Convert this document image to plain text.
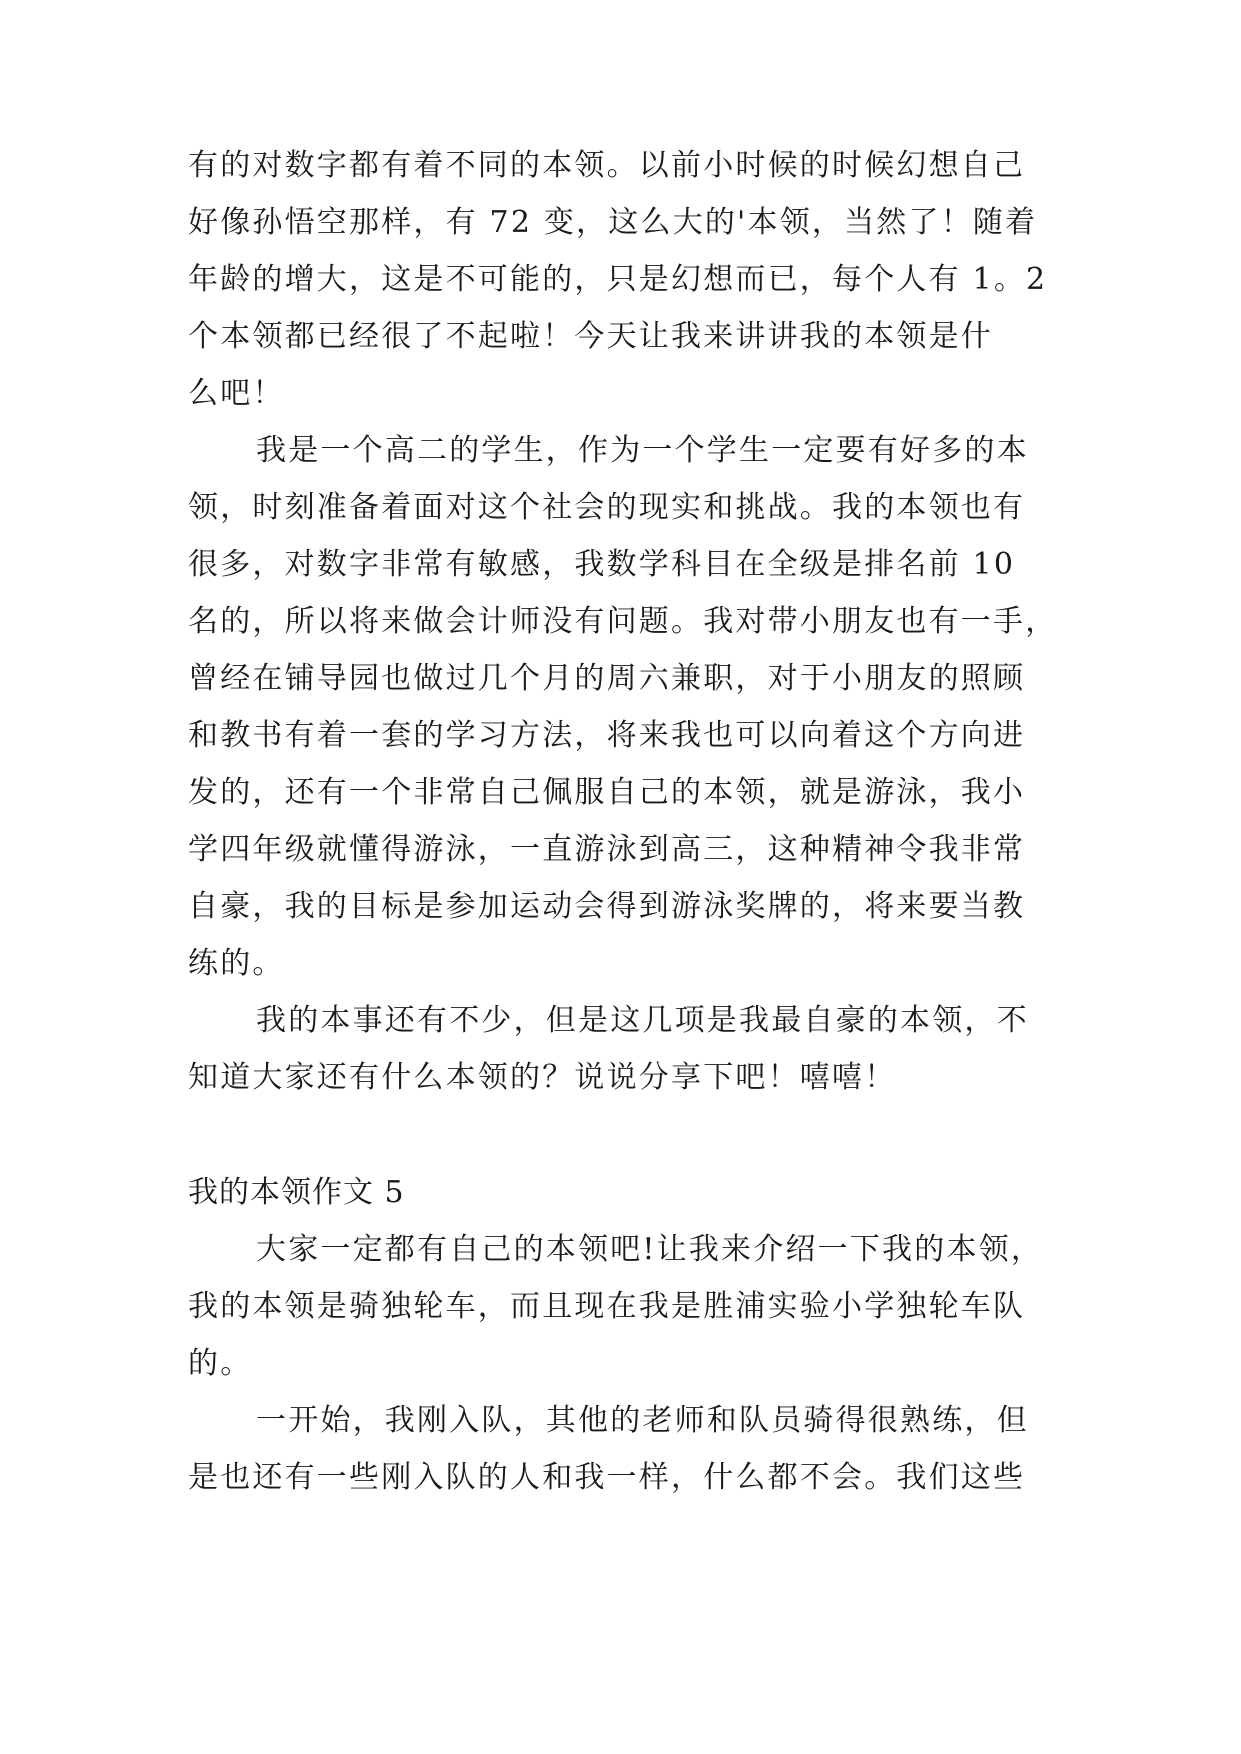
有的对数字都有着不同的本领。以前小时候的时候幻想自己
好像孙悟空那样，有 72 变，这么大的'本领，当然了！随着
年龄的增大，这是不可能的，只是幻想而已，每个人有 1。2
个本领都已经很了不起啦！今天让我来讲讲我的本领是什
么吧！
我是一个高二的学生，作为一个学生一定要有好多的本
领，时刻准备着面对这个社会的现实和挑战。我的本领也有
很多，对数字非常有敏感，我数学科目在全级是排名前 10
名的，所以将来做会计师没有问题。我对带小朋友也有一手，
曾经在铺导园也做过几个月的周六兼职，对于小朋友的照顾
和教书有着一套的学习方法，将来我也可以向着这个方向进
发的，还有一个非常自己佩服自己的本领，就是游泳，我小
学四年级就懂得游泳，一直游泳到高三，这种精神令我非常
自豪，我的目标是参加运动会得到游泳奖牌的，将来要当教
练的。
我的本事还有不少，但是这几项是我最自豪的本领，不
知道大家还有什么本领的？说说分享下吧！嘻嘻！
我的本领作文 5
大家一定都有自己的本领吧!让我来介绍一下我的本领，
我的本领是骑独轮车，而且现在我是胜浦实验小学独轮车队
的。
一开始，我刚入队，其他的老师和队员骑得很熟练，但
是也还有一些刚入队的人和我一样，什么都不会。我们这些
